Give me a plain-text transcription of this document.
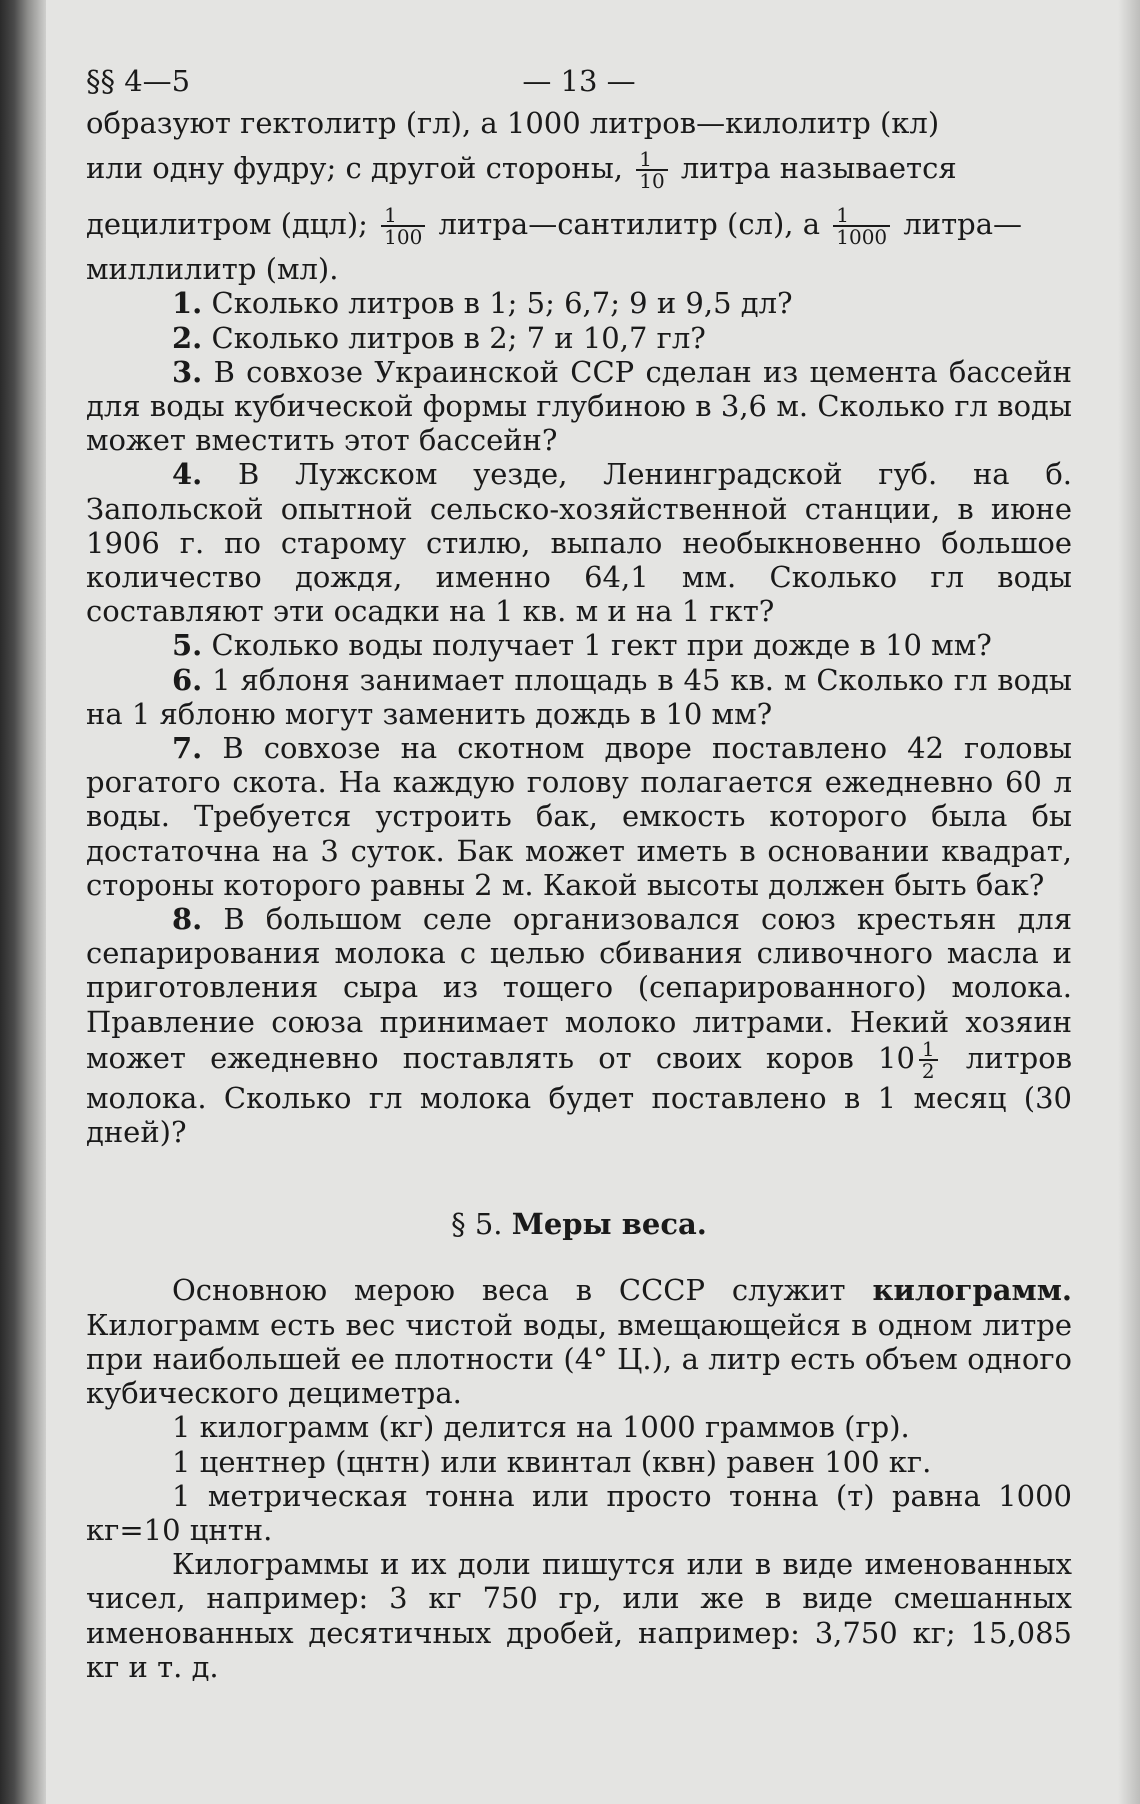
§§ 4—5	— 13 —

образуют гектолитр (гл), а 1000 литров—килолитр (кл)

или одну фудру; с другой стороны, $\frac{1}{10}$ литра называется

децилитром (дцл); $\frac{1}{100}$ литра—сантилитр (сл), а $\frac{1}{1000}$ литра—

миллилитр (мл).

1. Сколько литров в 1; 5; 6,7; 9 и 9,5 дл?

2. Сколько литров в 2; 7 и 10,7 гл?

3. В совхозе Украинской ССР сделан из цемента бассейн для воды кубической формы глубиною в 3,6 м. Сколько гл воды может вместить этот бассейн?

4. В Лужском уезде, Ленинградской губ. на б. Запольской опытной сельско-хозяйственной станции, в июне 1906 г. по старому стилю, выпало необыкновенно большое количество дождя, именно 64,1 мм. Сколько гл воды составляют эти осадки на 1 кв. м и на 1 гкт?

5. Сколько воды получает 1 гект при дожде в 10 мм?

6. 1 яблоня занимает площадь в 45 кв. м Сколько гл воды на 1 яблоню могут заменить дождь в 10 мм?

7. В совхозе на скотном дворе поставлено 42 головы рогатого скота. На каждую голову полагается ежедневно 60 л воды. Требуется устроить бак, емкость которого была бы достаточна на 3 суток. Бак может иметь в основании квадрат, стороны которого равны 2 м. Какой высоты должен быть бак?

8. В большом селе организовался союз крестьян для сепарирования молока с целью сбивания сливочного масла и приготовления сыра из тощего (сепарированного) молока. Правление союза принимает молоко литрами. Некий хозяин может ежедневно поставлять от своих коров $10 \frac{1}{2}$ литров молока. Сколько гл молока будет поставлено в 1 месяц (30 дней)?

§ 5. Меры веса.

Основною мерою веса в СССР служит килограмм. Килограмм есть вес чистой воды, вмещающейся в одном литре при наибольшей ее плотности (4° Ц.), а литр есть объем одного кубического дециметра.

1 килограмм (кг) делится на 1000 граммов (гр).

1 центнер (цнтн) или квинтал (квн) равен 100 кг.

1 метрическая тонна или просто тонна (т) равна 1000 кг=10 цнтн.

Килограммы и их доли пишутся или в виде именованных чисел, например: 3 кг 750 гр, или же в виде смешанных именованных десятичных дробей, например: 3,750 кг; 15,085 кг и т. д.
